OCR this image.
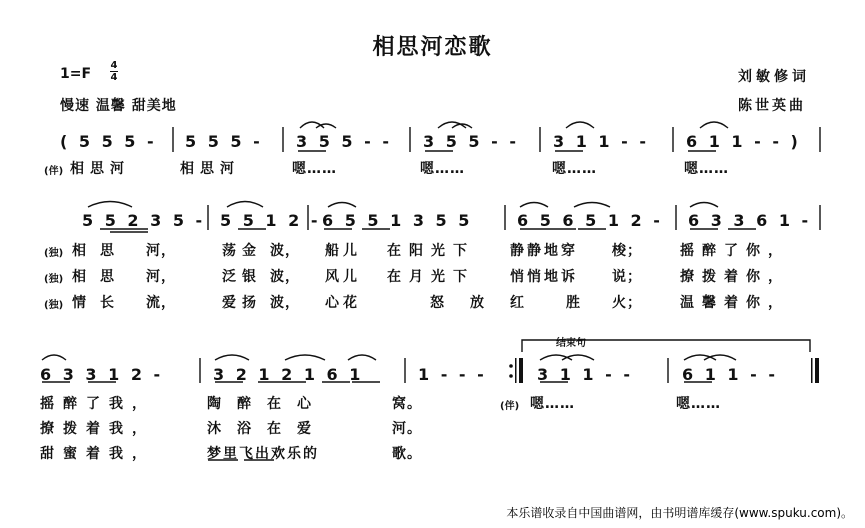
相思河恋歌
1=F
4
4
慢速 温馨 甜美地
刘敏修词
陈世英曲
( 5 5 5 - 5 5 5 - 3 5 5 - - 3 5 5 - - 3 1 1 - - 6 1 1 - - )
(伴) 相思河	相思河	嗯……	嗯……	嗯……	嗯……
5 5 2 3 5 - 5 5 1 2 - 6 5 5 1 3 5 5	6 5 6 5 1 2 - 6 3 3 6 1 -
(独) 相思 河，	荡金 波， 船儿 在阳光下	静静地穿 梭；	摇醉了你，
(独) 相思 河，	泛银 波， 风儿 在月光下	悄悄地诉 说；	撩拨着你，
(独) 情长 流，	爱扬 波， 心花	怒放红 胜 火；	温馨着你，
结束句
6 3 3 1 2 -	3 2 1 2 1 6 1	1 - - -	3 1 1 - -	6 1 1 - -
摇醉了我，	陶醉在心	窝。	(伴) 嗯……	嗯……
撩拨着我，	沐浴在爱	河。
甜蜜着我，	梦里飞出欢乐的	歌。
本乐谱收录自中国曲谱网，由书明谱库缓存(www.spuku.com)。
